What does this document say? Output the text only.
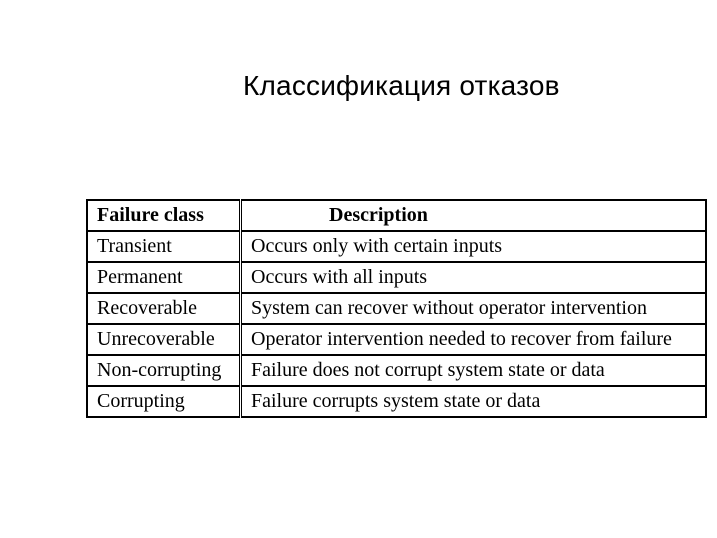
Классификация отказов
Failure class	Description
Transient	Occurs only with certain inputs
Permanent	Occurs with all inputs
Recoverable	System can recover without operator intervention
Unrecoverable	Operator intervention needed to recover from failure
Non-corrupting	Failure does not corrupt system state or data
Corrupting	Failure corrupts system state or data
